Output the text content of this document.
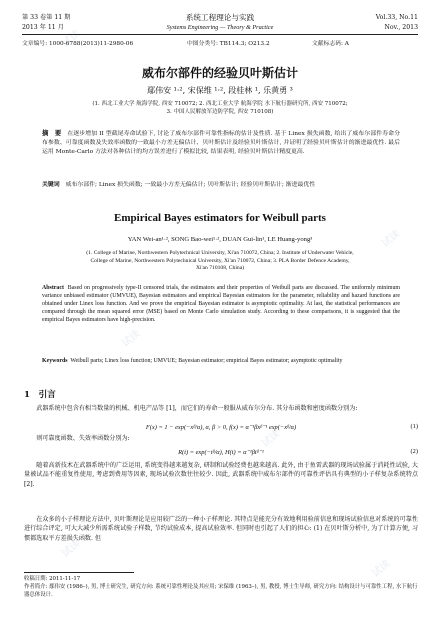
试读
试读
试读
试读
试读
试读
试读
第 33 卷第 11 期	系统工程理论与实践	Vol.33, No.11
2013 年 11 月	Systems Engineering — Theory & Practice	Nov., 2013
文章编号: 1000-6788(2013)11-2980-06	中图分类号: TB114.3; O213.2	文献标志码: A
威布尔部件的经验贝叶斯估计
鄢伟安 ¹·², 宋保维 ¹·², 段桂林 ¹, 乐黄勇 ³
(1. 西北工业大学 航海学院, 西安 710072; 2. 西北工业大学 航海学院 水下航行器研究所, 西安 710072;
3. 中国人民解放军边防学院, 西安 710108)
摘　要　 在逐步增加 II 型截尾寿命试验下, 讨论了威布尔部件可靠性指标的估计及性质. 基于 Linex 损失函数, 给出了威布尔部件寿命分布参数、可靠度函数及失效率函数的一致最小方差无偏估计、贝叶斯估计及经验贝叶斯估计, 并证明了经验贝叶斯估计的渐进最优性. 最后运用 Monte-Carlo 方法对各种估计的均方误差进行了模拟比较, 结果表明, 经验贝叶斯估计精度更高.
关键词　 威布尔部件; Linex 损失函数; 一致最小方差无偏估计; 贝叶斯估计; 经验贝叶斯估计; 渐进最优性
Empirical Bayes estimators for Weibull parts
YAN Wei-an¹·², SONG Bao-wei¹·², DUAN Gui-lin¹, LE Huang-yong³
(1. College of Marine, Northwestern Polytechnical University, Xi'an 710072, China; 2. Institute of Underwater Vehicle,
College of Marine, Northwestern Polytechnical University, Xi'an 710072, China; 3. PLA Border Defence Academy,
Xi'an 710108, China)
Abstract Based on progressively type-II censored trials, the estimators and their properties of Weibull parts are discussed. The uniformly minimum variance unbiased estimator (UMVUE), Bayesian estimators and empirical Bayesian estimators for the parameter, reliability and hazard functions are obtained under Linex loss function. And we prove the empirical Bayesian estimator is asymptotic optimality. At last, the statistical performances are compared through the mean squared error (MSE) based on Monte Carlo simulation study. According to these comparisons, it is suggested that the empirical Bayes estimators have high-precision.
Keywords Weibull parts; Linex loss function; UMVUE; Bayesian estimator; empirical Bayes estimator; asymptotic optimality
1　引言
  武器系统中包含有相当数量的机械、机电产品等 [1]，而它们的寿命一般服从威布尔分布. 其分布函数和密度函数分别为:
F(x) = 1 − exp(−xᵝ/α), α, β > 0, f(x) = α⁻¹βxᵝ⁻¹ exp(−xᵝ/α)	(1)
  则可靠度函数、失效率函数分别为:
R(t) = exp(−tᵝ/α), H(t) = α⁻¹βtᵝ⁻¹	(2)
  随着高新技术在武器系统中的广泛运用, 系统变得越来越复杂, 研制和试验经费也越来越高. 此外, 由于鱼雷武器的现场试验属于消耗性试验, 大量被试品不能重复性使用, 考虑到费用等因素, 现场试验次数往往较少. 因此, 武器系统中威布尔部件的可靠性评估具有典型的小子样复杂系统特点 [2].
  在众多的小子样理论方法中, 贝叶斯理论是应用较广泛的一种小子样理论. 其特点是能充分有效地利用验前信息和现场试验信息对系统的可靠性进行综合评定, 可大大减少所需系统试验子样数, 节约试验成本, 提高试验效率. 但同时也引起了人们的担心: (1) 在贝叶斯分析中, 为了计算方便, 习惯都选取平方差损失函数. 但
收稿日期: 2011-11-17
作者简介: 鄢伟安 (1986–), 男, 博士研究生, 研究方向: 系统可靠性理论及其应用; 宋保维 (1963–), 男, 教授, 博士生导师, 研究方向: 结构设计与可靠性工程, 水下航行器总体设计.
